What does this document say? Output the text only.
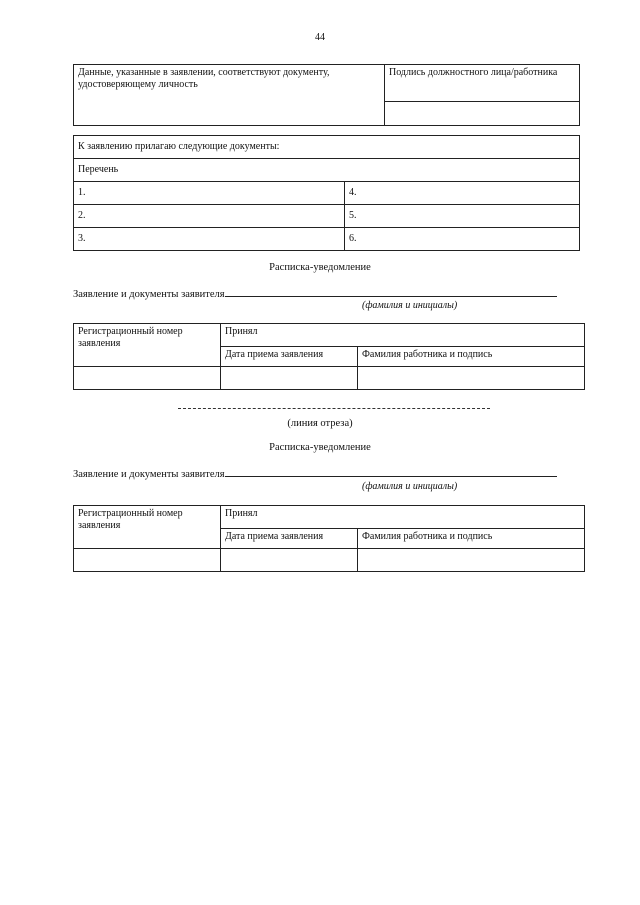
44
Данные, указанные в заявлении, соответствуют документу, удостоверяющему личность	Подлись должностного лица/работника

К заявлению прилагаю следующие документы:	
Перечень	
1.	4.
2.	5.
3.	6.
Расписка-уведомление
Заявление и документы заявителя
(фамилия и инициалы)
Регистрационный номер заявления	Принял	
	Дата приема заявления	Фамилия работника и подпись

(линия отреза)
Расписка-уведомление
Заявление и документы заявителя
(фамилия и инициалы)
Регистрационный номер заявления	Принял	
	Дата приема заявления	Фамилия работника и подпись
